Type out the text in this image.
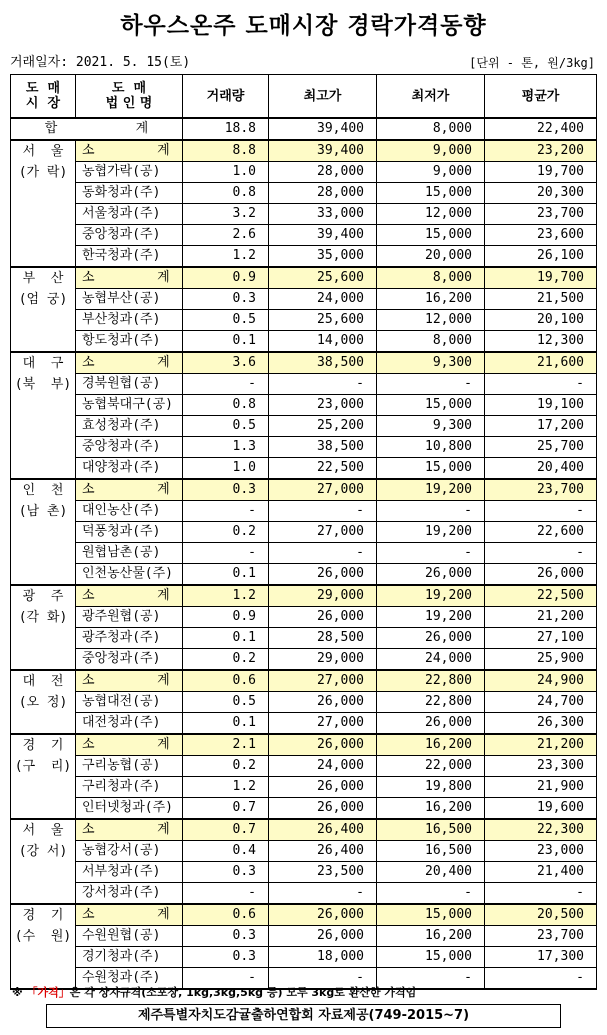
하우스온주 도매시장 경락가격동향
거래일자: 2021. 5. 15(토)	[단위 - 톤, 원/3kg]
도  매
시  장	도  매
법 인 명	거래량	최고가	최저가	평균가
합          계		18.8	39,400	8,000	22,400
서  울
(가 락)	소        계	8.8	39,400	9,000	23,200
	농협가락(공)	1.0	28,000	9,000	19,700
	동화청과(주)	0.8	28,000	15,000	20,300
	서울청과(주)	3.2	33,000	12,000	23,700
	중앙청과(주)	2.6	39,400	15,000	23,600
	한국청과(주)	1.2	35,000	20,000	26,100
부  산
(엄 궁)	소        계	0.9	25,600	8,000	19,700
	농협부산(공)	0.3	24,000	16,200	21,500
	부산청과(주)	0.5	25,600	12,000	20,100
	항도청과(주)	0.1	14,000	8,000	12,300
대  구
(북  부)	소        계	3.6	38,500	9,300	21,600
	경북원협(공)	-	-	-	-
	농협북대구(공)	0.8	23,000	15,000	19,100
	효성청과(주)	0.5	25,200	9,300	17,200
	중앙청과(주)	1.3	38,500	10,800	25,700
	대양청과(주)	1.0	22,500	15,000	20,400
인  천
(남 촌)	소        계	0.3	27,000	19,200	23,700
	대인농산(주)	-	-	-	-
	덕풍청과(주)	0.2	27,000	19,200	22,600
	원협남촌(공)	-	-	-	-
	인천농산물(주)	0.1	26,000	26,000	26,000
광  주
(각 화)	소        계	1.2	29,000	19,200	22,500
	광주원협(공)	0.9	26,000	19,200	21,200
	광주청과(주)	0.1	28,500	26,000	27,100
	중앙청과(주)	0.2	29,000	24,000	25,900
대  전
(오 정)	소        계	0.6	27,000	22,800	24,900
	농협대전(공)	0.5	26,000	22,800	24,700
	대전청과(주)	0.1	27,000	26,000	26,300
경  기
(구  리)	소        계	2.1	26,000	16,200	21,200
	구리농협(공)	0.2	24,000	22,000	23,300
	구리청과(주)	1.2	26,000	19,800	21,900
	인터넷청과(주)	0.7	26,000	16,200	19,600
서  울
(강 서)	소        계	0.7	26,400	16,500	22,300
	농협강서(공)	0.4	26,400	16,500	23,000
	서부청과(주)	0.3	23,500	20,400	21,400
	강서청과(주)	-	-	-	-
경  기
(수  원)	소        계	0.6	26,000	15,000	20,500
	수원원협(공)	0.3	26,000	16,200	23,700
	경기청과(주)	0.3	18,000	15,000	17,300
	수원청과(주)	-	-	-	-
※ 「가격」은 각 상자규격(소포장, 1kg,3kg,5kg 등) 모두 3kg로 환산한 가격임
제주특별자치도감귤출하연합회 자료제공(749-2015~7)
